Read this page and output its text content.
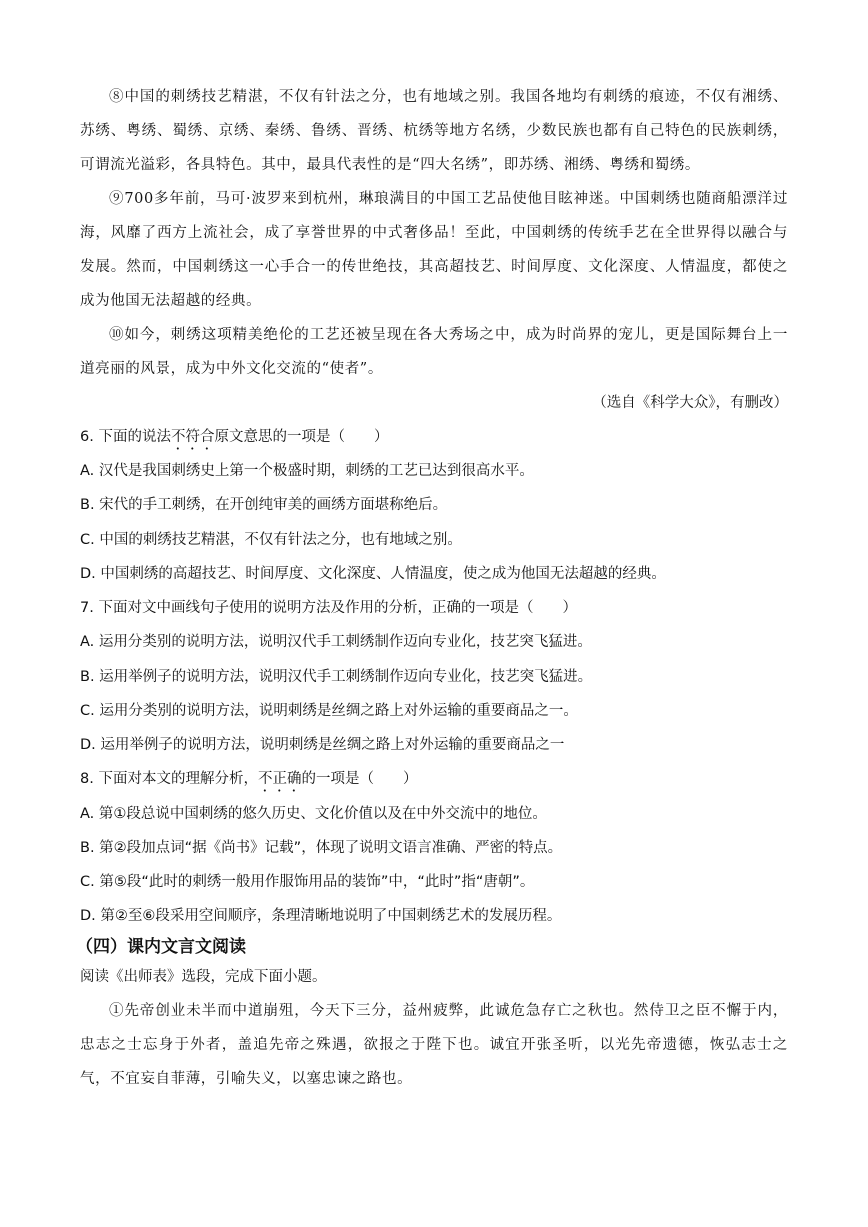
⑧中国的刺绣技艺精湛，不仅有针法之分，也有地域之别。我国各地均有刺绣的痕迹，不仅有湘绣、苏绣、粤绣、蜀绣、京绣、秦绣、鲁绣、晋绣、杭绣等地方名绣，少数民族也都有自己特色的民族刺绣，可谓流光溢彩，各具特色。其中，最具代表性的是“四大名绣”，即苏绣、湘绣、粤绣和蜀绣。
⑨700多年前，马可·波罗来到杭州，琳琅满目的中国工艺品使他目眩神迷。中国刺绣也随商船漂洋过海，风靡了西方上流社会，成了享誉世界的中式奢侈品！至此，中国刺绣的传统手艺在全世界得以融合与发展。然而，中国刺绣这一心手合一的传世绝技，其高超技艺、时间厚度、文化深度、人情温度，都使之成为他国无法超越的经典。
⑩如今，刺绣这项精美绝伦的工艺还被呈现在各大秀场之中，成为时尚界的宠儿，更是国际舞台上一道亮丽的风景，成为中外文化交流的“使者”。
（选自《科学大众》，有删改）
6. 下面的说法不符合原文意思的一项是（　　）
A. 汉代是我国刺绣史上第一个极盛时期，刺绣的工艺已达到很高水平。
B. 宋代的手工刺绣，在开创纯审美的画绣方面堪称绝后。
C. 中国的刺绣技艺精湛，不仅有针法之分，也有地域之别。
D. 中国刺绣的高超技艺、时间厚度、文化深度、人情温度，使之成为他国无法超越的经典。
7. 下面对文中画线句子使用的说明方法及作用的分析，正确的一项是（　　）
A. 运用分类别的说明方法，说明汉代手工刺绣制作迈向专业化，技艺突飞猛进。
B. 运用举例子的说明方法，说明汉代手工刺绣制作迈向专业化，技艺突飞猛进。
C. 运用分类别的说明方法，说明刺绣是丝绸之路上对外运输的重要商品之一。
D. 运用举例子的说明方法，说明刺绣是丝绸之路上对外运输的重要商品之一
8. 下面对本文的理解分析，不正确的一项是（　　）
A. 第①段总说中国刺绣的悠久历史、文化价值以及在中外交流中的地位。
B. 第②段加点词“据《尚书》记载”，体现了说明文语言准确、严密的特点。
C. 第⑤段“此时的刺绣一般用作服饰用品的装饰”中，“此时”指“唐朝”。
D. 第②至⑥段采用空间顺序，条理清晰地说明了中国刺绣艺术的发展历程。
（四）课内文言文阅读
阅读《出师表》选段，完成下面小题。
①先帝创业未半而中道崩殂，今天下三分，益州疲弊，此诚危急存亡之秋也。然侍卫之臣不懈于内，忠志之士忘身于外者，盖追先帝之殊遇，欲报之于陛下也。诚宜开张圣听，以光先帝遗德，恢弘志士之气，不宜妄自菲薄，引喻失义，以塞忠谏之路也。
